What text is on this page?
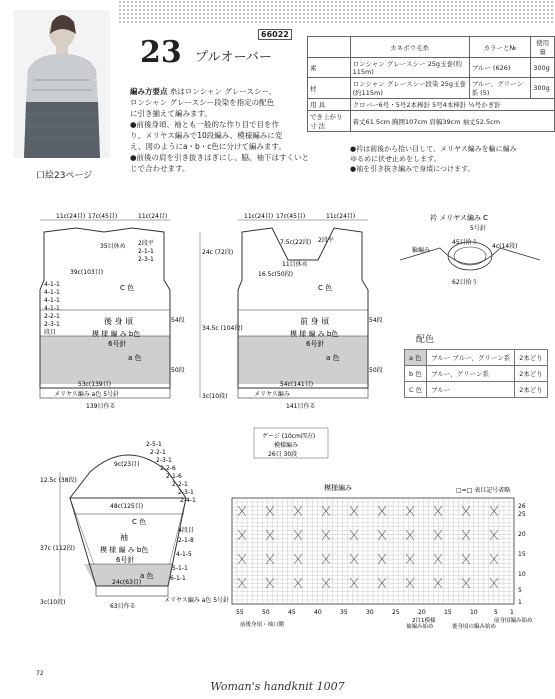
口絵23ページ
23 プルオーバー
66022
編み方要点 糸はロンシャン グレースシー、
ロンシャン グレースシー段染を指定の配色
に引き揃えて編みます。
●前後身頃、袖とも一般的な作り目で目を作
り、メリヤス編みで10段編み、模様編みに変
え、図のようにa・b・c色に分けて編みます。
●前後の肩を引き抜きはぎにし、脇、袖下はすくいと
じで合わせます。
	カネボウ毛糸	カラーと№	使用量
素	ロンシャン グレースシー 25g玉巻(約115m)	ブルー (626)	300g
材	ロンシャン グレースシー段染 25g玉巻(約115m)	ブルー、グリーン系 (5)	300g
用 具	クロバー6号・5号2本棒針 5号4本棒針 ½号かぎ針		
でき上がり寸 法	着丈61.5cm 胸囲107cm 肩幅39cm 袖丈52.5cm		
●衿は前後から拾い目して、メリヤス編みを輪に編み
ゆるめに伏せ止めをします。
●袖を引き抜き編みで身頃につけます。
11c(24目) 17c(45目)	11c(24目)
35目休め 2段平
2-1-1
2-3-1
39c(103目)
C 色
4-1-1
4-1-1
4-1-1
4-1-1
2-2-1
2-3-1
段目
後 身 頃
模 様 編 み b色
6号針
a 色
54段
50段
53c(139目)
メリヤス編み a色 5号針
139目作る
11c(24目) 17c(45目)	11c(24目)
7.5c(22段)
11目休め
16.5c(50段)
2段平
C 色
24c (72段)
34.5c (104段)
3c(10段)
前 身 頃
模 様 編 み b色
6号針
a 色
54段
50段
54c(141目)
メリヤス編み
141目作る
衿 メリヤス編み C
5号針
45目拾う
4c(14段)
62目拾う
輪編み
ゲージ (10cm四方)
模様編み
26目 30段
9c(23目)
48c(125目)
C 色
袖
模 様 編 み b色
6号針
a 色
24c(63目)
63目作る
メリヤス編み a色 5号針
12.5c (38段)
37c (112段)
3c(10段)
2-5-1
2-2-1
2-3-1
2-2-6
2-1-6
2-2-1
2-3-1
2-4-1
2-1-8
4-1-5
5-1-1
6-1-1
4段目
模様編み	□=□ 表目記号省略
26
25
20
15
10
5
1
55	50	45	40	35	30	25	20	15	10	5 1
前後身頃・袖口側
2目1模様
後身頃の編み始め
袖編み始め
前身頃編み始め
配色
a 色	ブルー ブルー、グリーン系	2本どり
b 色	ブルー、グリーン系	2本どり
C 色	ブルー	2本どり
72
Woman's handknit 1007
